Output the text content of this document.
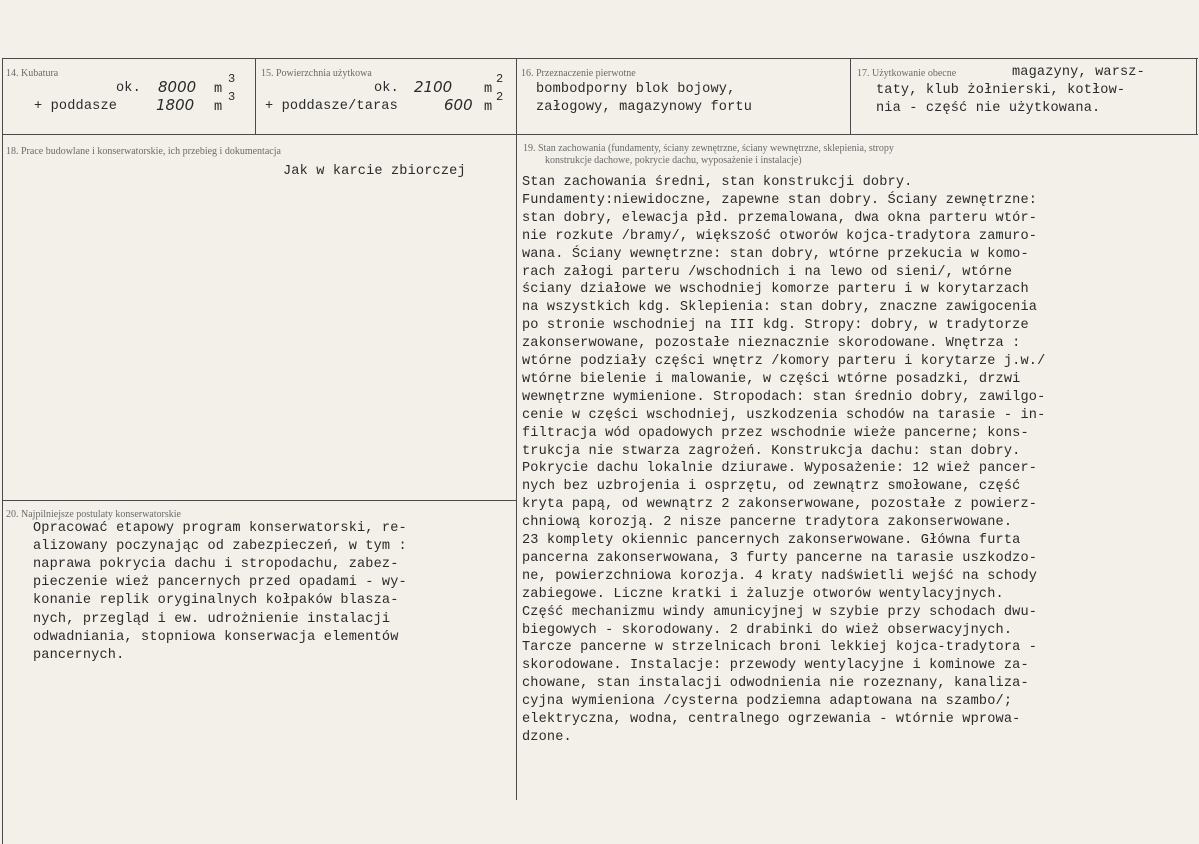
14. Kubatura
ok. 8000 m
3
+ poddasze	1800 m
3
15. Powierzchnia użytkowa
ok. 2100 m
2
+ poddasze/taras	600 m
2
16. Przeznaczenie pierwotne
bombodporny blok bojowy,
załogowy, magazynowy fortu
17. Użytkowanie obecne	magazyny, warsz-
taty, klub żołnierski, kotłow-
nia - część nie użytkowana.
18. Prace budowlane i konserwatorskie, ich przebieg i dokumentacja
Jak w karcie zbiorczej
19. Stan zachowania (fundamenty, ściany zewnętrzne, ściany wewnętrzne, sklepienia, stropy
konstrukcje dachowe, pokrycie dachu, wyposażenie i instalacje)
Stan zachowania średni, stan konstrukcji dobry.
Fundamenty:niewidoczne, zapewne stan dobry. Ściany zewnętrzne:
stan dobry, elewacja płd. przemalowana, dwa okna parteru wtór-
nie rozkute /bramy/, większość otworów kojca-tradytora zamuro-
wana. Ściany wewnętrzne: stan dobry, wtórne przekucia w komo-
rach załogi parteru /wschodnich i na lewo od sieni/, wtórne
ściany działowe we wschodniej komorze parteru i w korytarzach
na wszystkich kdg. Sklepienia: stan dobry, znaczne zawigocenia
po stronie wschodniej na III kdg. Stropy: dobry, w tradytorze
zakonserwowane, pozostałe nieznacznie skorodowane. Wnętrza :
wtórne podziały części wnętrz /komory parteru i korytarze j.w./
wtórne bielenie i malowanie, w części wtórne posadzki, drzwi
wewnętrzne wymienione. Stropodach: stan średnio dobry, zawilgo-
cenie w części wschodniej, uszkodzenia schodów na tarasie - in-
filtracja wód opadowych przez wschodnie wieże pancerne; kons-
trukcja nie stwarza zagrożeń. Konstrukcja dachu: stan dobry.
Pokrycie dachu lokalnie dziurawe. Wyposażenie: 12 wież pancer-
nych bez uzbrojenia i osprzętu, od zewnątrz smołowane, część
kryta papą, od wewnątrz 2 zakonserwowane, pozostałe z powierz-
chniową korozją. 2 nisze pancerne tradytora zakonserwowane.
23 komplety okiennic pancernych zakonserwowane. Główna furta
pancerna zakonserwowana, 3 furty pancerne na tarasie uszkodzo-
ne, powierzchniowa korozja. 4 kraty nadświetli wejść na schody
zabiegowe. Liczne kratki i żaluzje otworów wentylacyjnych.
Część mechanizmu windy amunicyjnej w szybie przy schodach dwu-
biegowych - skorodowany. 2 drabinki do wież obserwacyjnych.
Tarcze pancerne w strzelnicach broni lekkiej kojca-tradytora -
skorodowane. Instalacje: przewody wentylacyjne i kominowe za-
chowane, stan instalacji odwodnienia nie rozeznany, kanaliza-
cyjna wymieniona /cysterna podziemna adaptowana na szambo/;
elektryczna, wodna, centralnego ogrzewania - wtórnie wprowa-
dzone.
20. Najpilniejsze postulaty konserwatorskie
Opracować etapowy program konserwatorski, re-
alizowany poczynając od zabezpieczeń, w tym :
naprawa pokrycia dachu i stropodachu, zabez-
pieczenie wież pancernych przed opadami - wy-
konanie replik oryginalnych kołpaków blasza-
nych, przegląd i ew. udrożnienie instalacji
odwadniania, stopniowa konserwacja elementów
pancernych.
